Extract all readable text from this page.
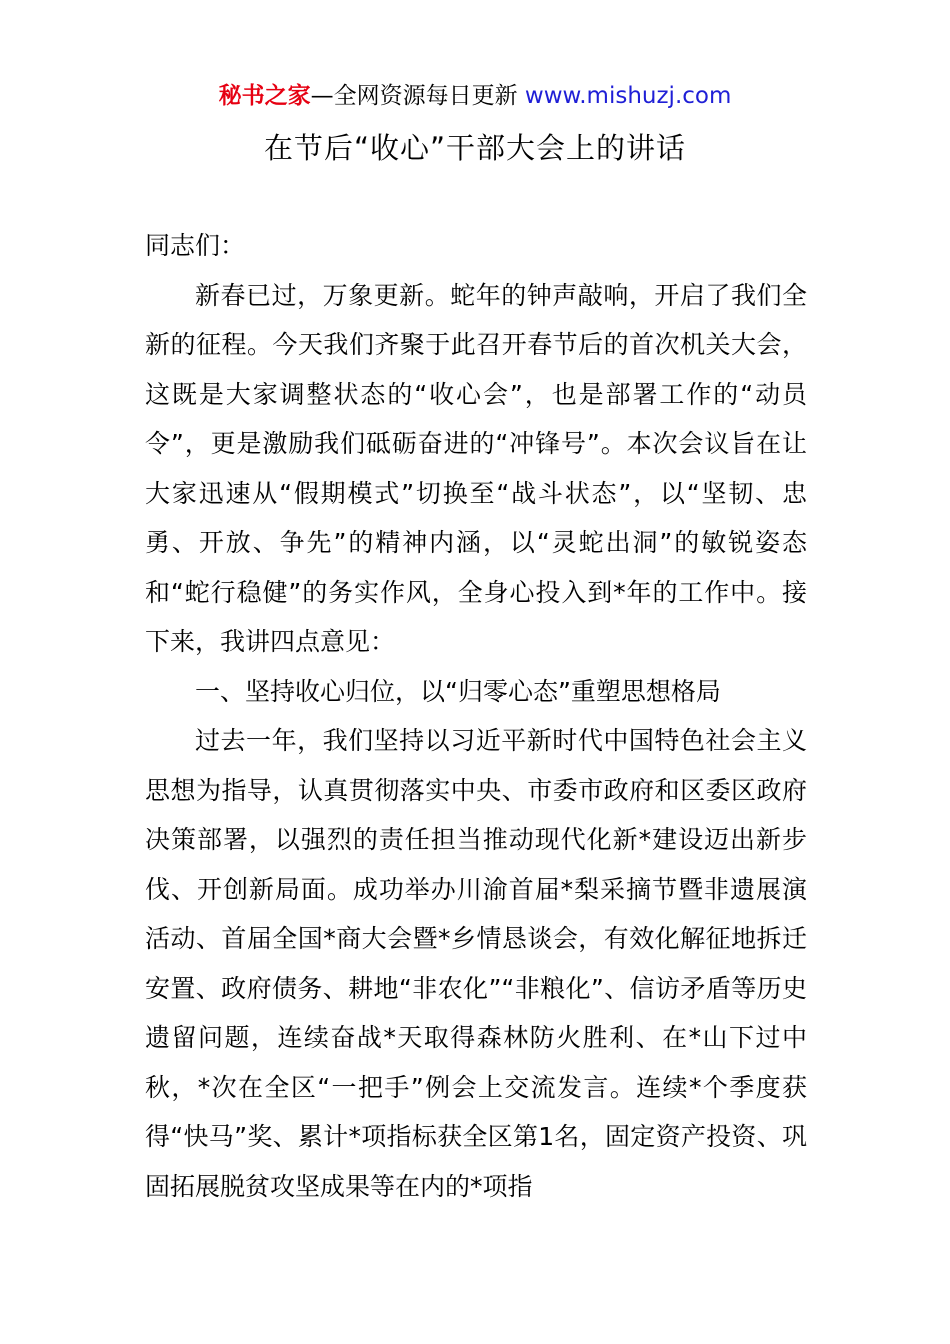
秘书之家—全网资源每日更新 www.mishuzj.com
在节后“收心”干部大会上的讲话

同志们：

新春已过，万象更新。蛇年的钟声敲响，开启了我们全新的征程。今天我们齐聚于此召开春节后的首次机关大会，这既是大家调整状态的“收心会”，也是部署工作的“动员令”，更是激励我们砥砺奋进的“冲锋号”。本次会议旨在让大家迅速从“假期模式”切换至“战斗状态”，以“坚韧、忠勇、开放、争先”的精神内涵，以“灵蛇出洞”的敏锐姿态和“蛇行稳健”的务实作风，全身心投入到*年的工作中。接下来，我讲四点意见：

一、坚持收心归位，以“归零心态”重塑思想格局

过去一年，我们坚持以习近平新时代中国特色社会主义思想为指导，认真贯彻落实中央、市委市政府和区委区政府决策部署，以强烈的责任担当推动现代化新*建设迈出新步伐、开创新局面。成功举办川渝首届*梨采摘节暨非遗展演活动、首届全国*商大会暨*乡情恳谈会，有效化解征地拆迁安置、政府债务、耕地“非农化”“非粮化”、信访矛盾等历史遗留问题，连续奋战*天取得森林防火胜利、在*山下过中秋，*次在全区“一把手”例会上交流发言。连续*个季度获得“快马”奖、累计*项指标获全区第1名，固定资产投资、巩固拓展脱贫攻坚成果等在内的*项指
